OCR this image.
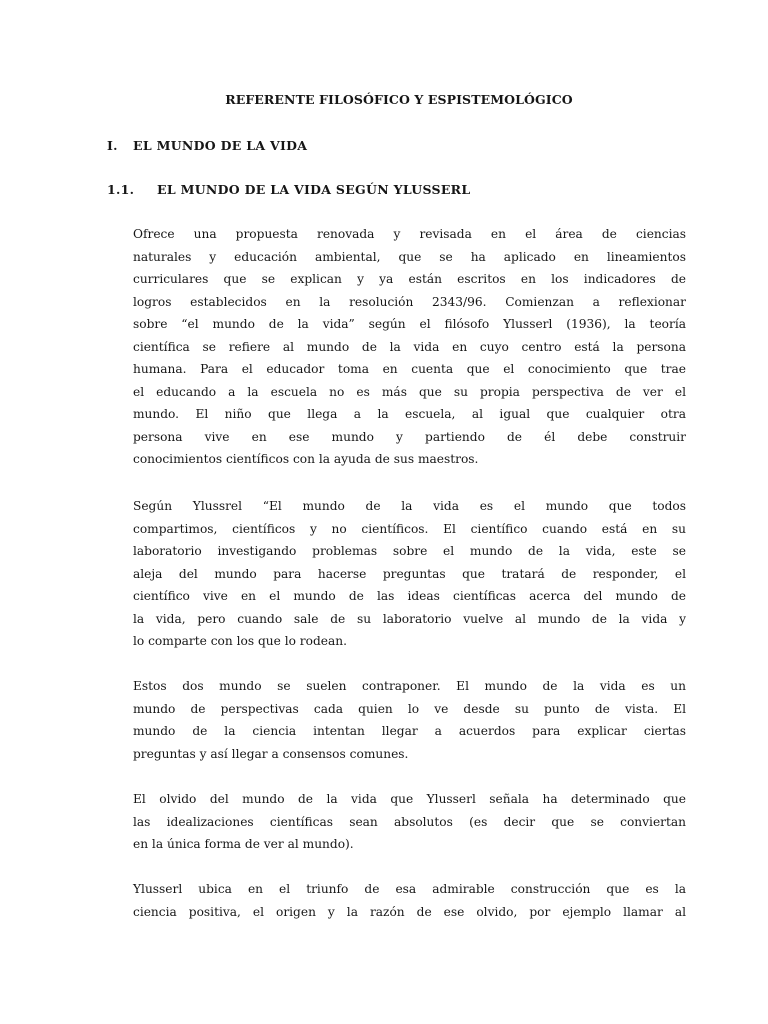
REFERENTE FILOSÓFICO Y ESPISTEMOLÓGICO
I. EL MUNDO DE LA VIDA
1.1. EL MUNDO DE LA VIDA SEGÚN YLUSSERL
Ofrece una propuesta renovada y revisada en el área de ciencias
naturales y educación ambiental, que se ha aplicado en lineamientos
curriculares que se explican y ya están escritos en los indicadores de
logros establecidos en la resolución 2343/96. Comienzan a reflexionar
sobre “el mundo de la vida” según el filósofo Ylusserl (1936), la teoría
científica se refiere al mundo de la vida en cuyo centro está la persona
humana. Para el educador toma en cuenta que el conocimiento que trae
el educando a la escuela no es más que su propia perspectiva de ver el
mundo. El niño que llega a la escuela, al igual que cualquier otra
persona vive en ese mundo y partiendo de él debe construir
conocimientos científicos con la ayuda de sus maestros.
Según Ylussrel “El mundo de la vida es el mundo que todos
compartimos, científicos y no científicos. El científico cuando está en su
laboratorio investigando problemas sobre el mundo de la vida, este se
aleja del mundo para hacerse preguntas que tratará de responder, el
científico vive en el mundo de las ideas científicas acerca del mundo de
la vida, pero cuando sale de su laboratorio vuelve al mundo de la vida y
lo comparte con los que lo rodean.
Estos dos mundo se suelen contraponer. El mundo de la vida es un
mundo de perspectivas cada quien lo ve desde su punto de vista. El
mundo de la ciencia intentan llegar a acuerdos para explicar ciertas
preguntas y así llegar a consensos comunes.
El olvido del mundo de la vida que Ylusserl señala ha determinado que
las idealizaciones científicas sean absolutos (es decir que se conviertan
en la única forma de ver al mundo).
Ylusserl ubica en el triunfo de esa admirable construcción que es la
ciencia positiva, el origen y la razón de ese olvido, por ejemplo llamar al
